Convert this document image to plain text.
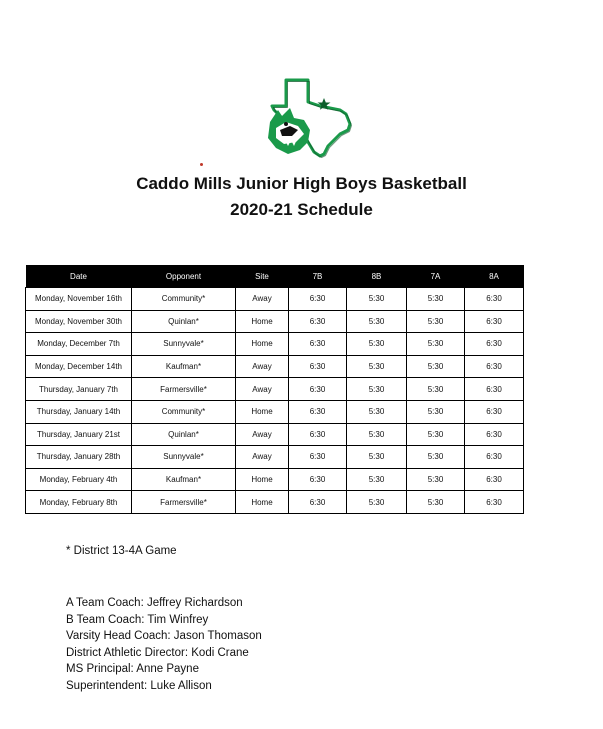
Caddo Mills Junior High Boys Basketball
2020-21 Schedule
Date	Opponent	Site	7B	8B	7A	8A
Monday, November 16th	Community*	Away	6:30	5:30	5:30	6:30
Monday, November 30th	Quinlan*	Home	6:30	5:30	5:30	6:30
Monday, December 7th	Sunnyvale*	Home	6:30	5:30	5:30	6:30
Monday, December 14th	Kaufman*	Away	6:30	5:30	5:30	6:30
Thursday, January 7th	Farmersville*	Away	6:30	5:30	5:30	6:30
Thursday, January 14th	Community*	Home	6:30	5:30	5:30	6:30
Thursday, January 21st	Quinlan*	Away	6:30	5:30	5:30	6:30
Thursday, January 28th	Sunnyvale*	Away	6:30	5:30	5:30	6:30
Monday, February 4th	Kaufman*	Home	6:30	5:30	5:30	6:30
Monday, February 8th	Farmersville*	Home	6:30	5:30	5:30	6:30
* District 13-4A Game
A Team Coach: Jeffrey Richardson
B Team Coach: Tim Winfrey
Varsity Head Coach: Jason Thomason
District Athletic Director: Kodi Crane
MS Principal: Anne Payne
Superintendent: Luke Allison
